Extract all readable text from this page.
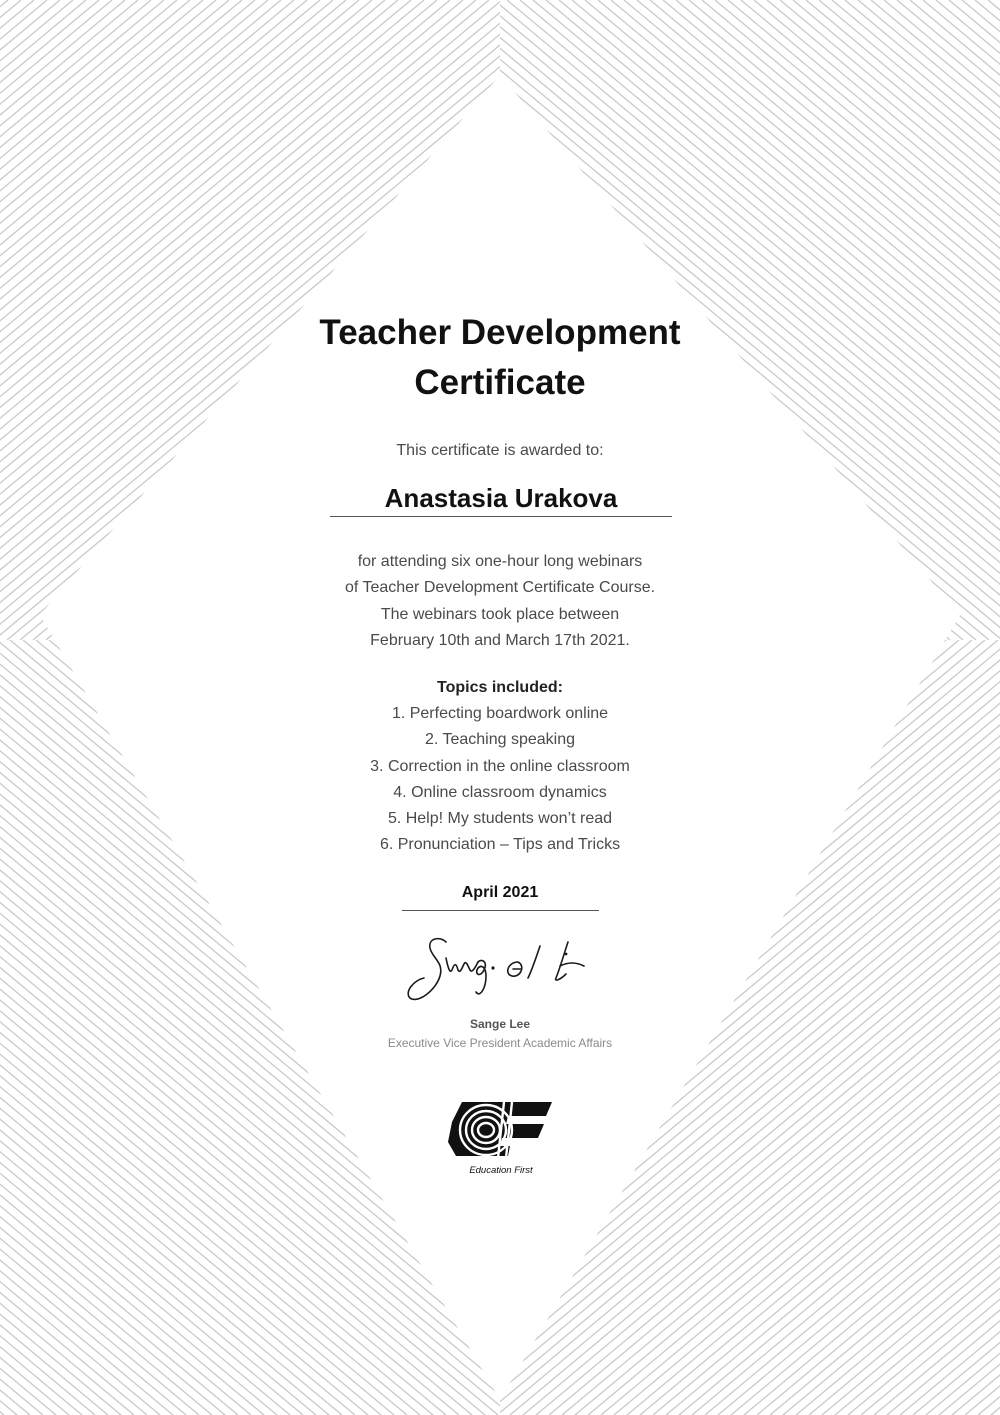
Teacher Development
Certificate
This certificate is awarded to:
Anastasia Urakova
for attending six one-hour long webinars
of Teacher Development Certificate Course.
The webinars took place between
February 10th and March 17th 2021.
Topics included:
1. Perfecting boardwork online
2. Teaching speaking
3. Correction in the online classroom
4. Online classroom dynamics
5. Help! My students won’t read
6. Pronunciation – Tips and Tricks
April 2021
Sange Lee
Executive Vice President Academic Affairs
Education First
